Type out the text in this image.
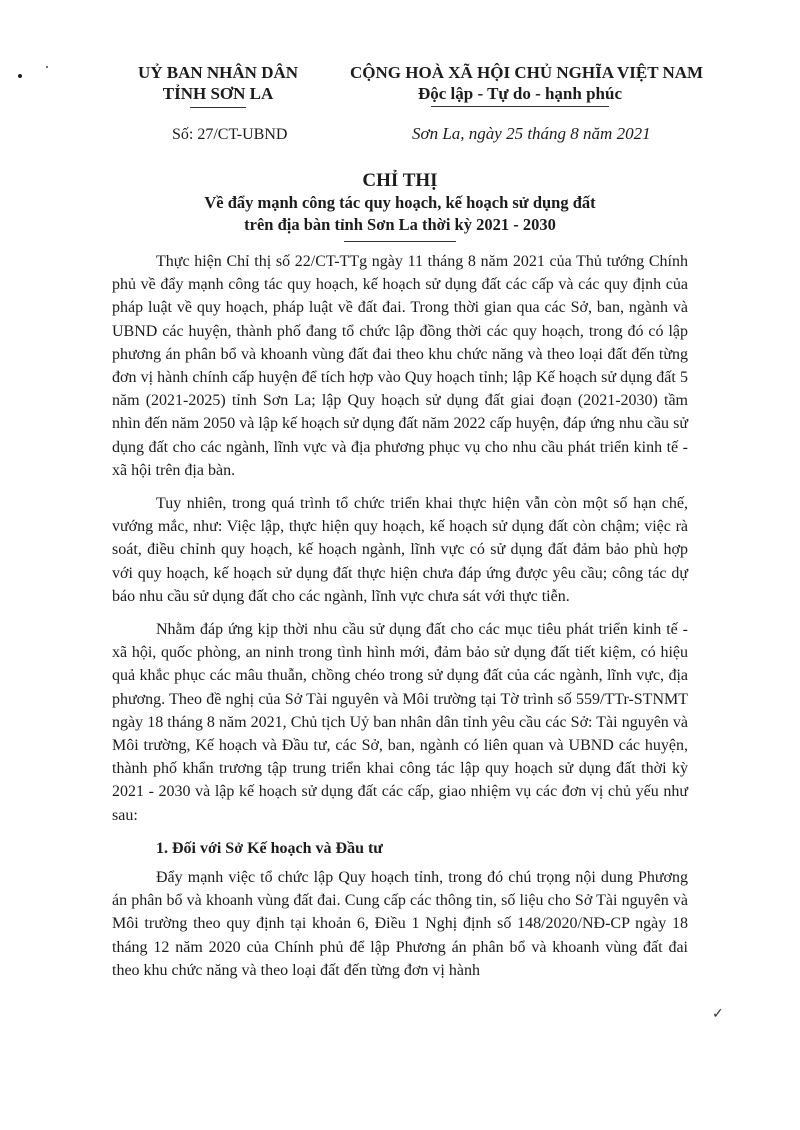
UỶ BAN NHÂN DÂN
TỈNH SƠN LA
CỘNG HOÀ XÃ HỘI CHỦ NGHĨA VIỆT NAM
Độc lập - Tự do - hạnh phúc
Số: 27/CT-UBND	Sơn La, ngày 25 tháng 8 năm 2021
CHỈ THỊ
Về đẩy mạnh công tác quy hoạch, kế hoạch sử dụng đất
trên địa bàn tỉnh Sơn La thời kỳ 2021 - 2030

Thực hiện Chỉ thị số 22/CT-TTg ngày 11 tháng 8 năm 2021 của Thủ tướng Chính phủ về đẩy mạnh công tác quy hoạch, kế hoạch sử dụng đất các cấp và các quy định của pháp luật về quy hoạch, pháp luật về đất đai. Trong thời gian qua các Sở, ban, ngành và UBND các huyện, thành phố đang tổ chức lập đồng thời các quy hoạch, trong đó có lập phương án phân bổ và khoanh vùng đất đai theo khu chức năng và theo loại đất đến từng đơn vị hành chính cấp huyện để tích hợp vào Quy hoạch tỉnh; lập Kế hoạch sử dụng đất 5 năm (2021-2025) tỉnh Sơn La; lập Quy hoạch sử dụng đất giai đoạn (2021-2030) tầm nhìn đến năm 2050 và lập kế hoạch sử dụng đất năm 2022 cấp huyện, đáp ứng nhu cầu sử dụng đất cho các ngành, lĩnh vực và địa phương phục vụ cho nhu cầu phát triển kinh tế - xã hội trên địa bàn.

Tuy nhiên, trong quá trình tổ chức triển khai thực hiện vẫn còn một số hạn chế, vướng mắc, như: Việc lập, thực hiện quy hoạch, kế hoạch sử dụng đất còn chậm; việc rà soát, điều chỉnh quy hoạch, kế hoạch ngành, lĩnh vực có sử dụng đất đảm bảo phù hợp với quy hoạch, kế hoạch sử dụng đất thực hiện chưa đáp ứng được yêu cầu; công tác dự báo nhu cầu sử dụng đất cho các ngành, lĩnh vực chưa sát với thực tiễn.

Nhằm đáp ứng kịp thời nhu cầu sử dụng đất cho các mục tiêu phát triển kinh tế - xã hội, quốc phòng, an ninh trong tình hình mới, đảm bảo sử dụng đất tiết kiệm, có hiệu quả khắc phục các mâu thuẫn, chồng chéo trong sử dụng đất của các ngành, lĩnh vực, địa phương. Theo đề nghị của Sở Tài nguyên và Môi trường tại Tờ trình số 559/TTr-STNMT ngày 18 tháng 8 năm 2021, Chủ tịch Uỷ ban nhân dân tỉnh yêu cầu các Sở: Tài nguyên và Môi trường, Kế hoạch và Đầu tư, các Sở, ban, ngành có liên quan và UBND các huyện, thành phố khẩn trương tập trung triển khai công tác lập quy hoạch sử dụng đất thời kỳ 2021 - 2030 và lập kế hoạch sử dụng đất các cấp, giao nhiệm vụ các đơn vị chủ yếu như sau:

1. Đối với Sở Kế hoạch và Đầu tư

Đẩy mạnh việc tổ chức lập Quy hoạch tỉnh, trong đó chú trọng nội dung Phương án phân bổ và khoanh vùng đất đai. Cung cấp các thông tin, số liệu cho Sở Tài nguyên và Môi trường theo quy định tại khoản 6, Điều 1 Nghị định số 148/2020/NĐ-CP ngày 18 tháng 12 năm 2020 của Chính phủ để lập Phương án phân bổ và khoanh vùng đất đai theo khu chức năng và theo loại đất đến từng đơn vị hành

✓
